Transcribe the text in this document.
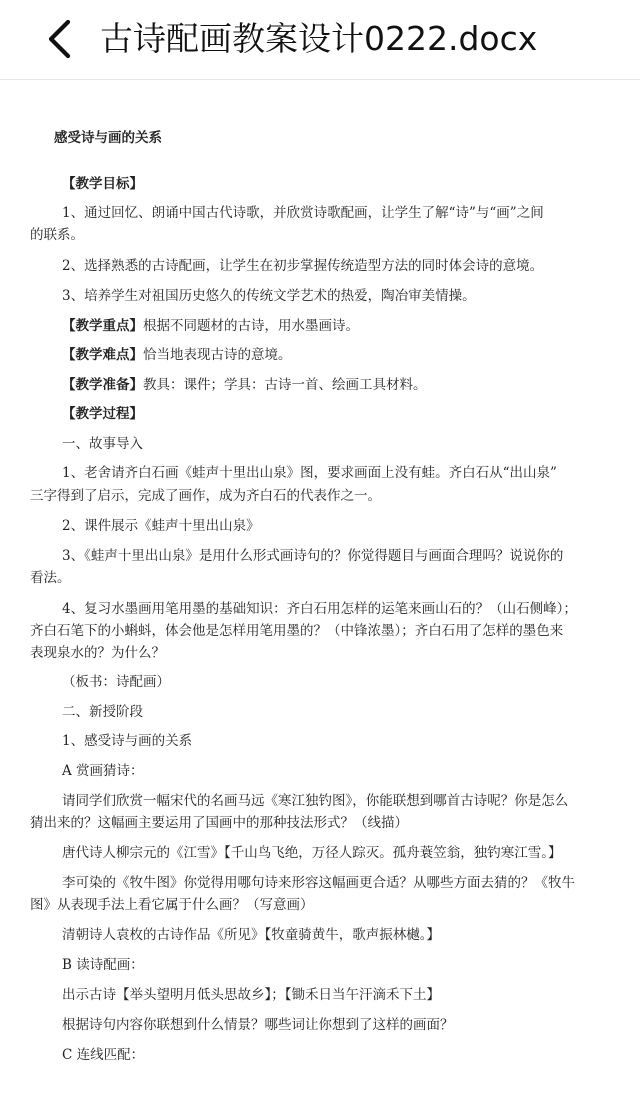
古诗配画教案设计0222.docx
感受诗与画的关系
【教学目标】
1、通过回忆、朗诵中国古代诗歌，并欣赏诗歌配画，让学生了解“诗”与“画”之间
的联系。
2、选择熟悉的古诗配画，让学生在初步掌握传统造型方法的同时体会诗的意境。
3、培养学生对祖国历史悠久的传统文学艺术的热爱，陶冶审美情操。
【教学重点】根据不同题材的古诗，用水墨画诗。
【教学难点】恰当地表现古诗的意境。
【教学准备】教具：课件；学具：古诗一首、绘画工具材料。
【教学过程】
一、故事导入
1、老舍请齐白石画《蛙声十里出山泉》图，要求画面上没有蛙。齐白石从“出山泉”
三字得到了启示，完成了画作，成为齐白石的代表作之一。
2、课件展示《蛙声十里出山泉》
3、《蛙声十里出山泉》是用什么形式画诗句的？你觉得题目与画面合理吗？说说你的
看法。
4、复习水墨画用笔用墨的基础知识：齐白石用怎样的运笔来画山石的？（山石侧峰）；
齐白石笔下的小蝌蚪，体会他是怎样用笔用墨的？（中锋浓墨）；齐白石用了怎样的墨色来
表现泉水的？为什么？
（板书：诗配画）
二、新授阶段
1、感受诗与画的关系
A 赏画猜诗：
请同学们欣赏一幅宋代的名画马远《寒江独钓图》，你能联想到哪首古诗呢？你是怎么
猜出来的？这幅画主要运用了国画中的那种技法形式？（线描）
唐代诗人柳宗元的《江雪》【千山鸟飞绝，万径人踪灭。孤舟蓑笠翁，独钓寒江雪。】
李可染的《牧牛图》你觉得用哪句诗来形容这幅画更合适？从哪些方面去猜的？《牧牛
图》从表现手法上看它属于什么画？（写意画）
清朝诗人袁枚的古诗作品《所见》【牧童骑黄牛，歌声振林樾。】
B 读诗配画：
出示古诗【举头望明月低头思故乡】；【锄禾日当午汗滴禾下土】
根据诗句内容你联想到什么情景？哪些词让你想到了这样的画面？
C 连线匹配：
